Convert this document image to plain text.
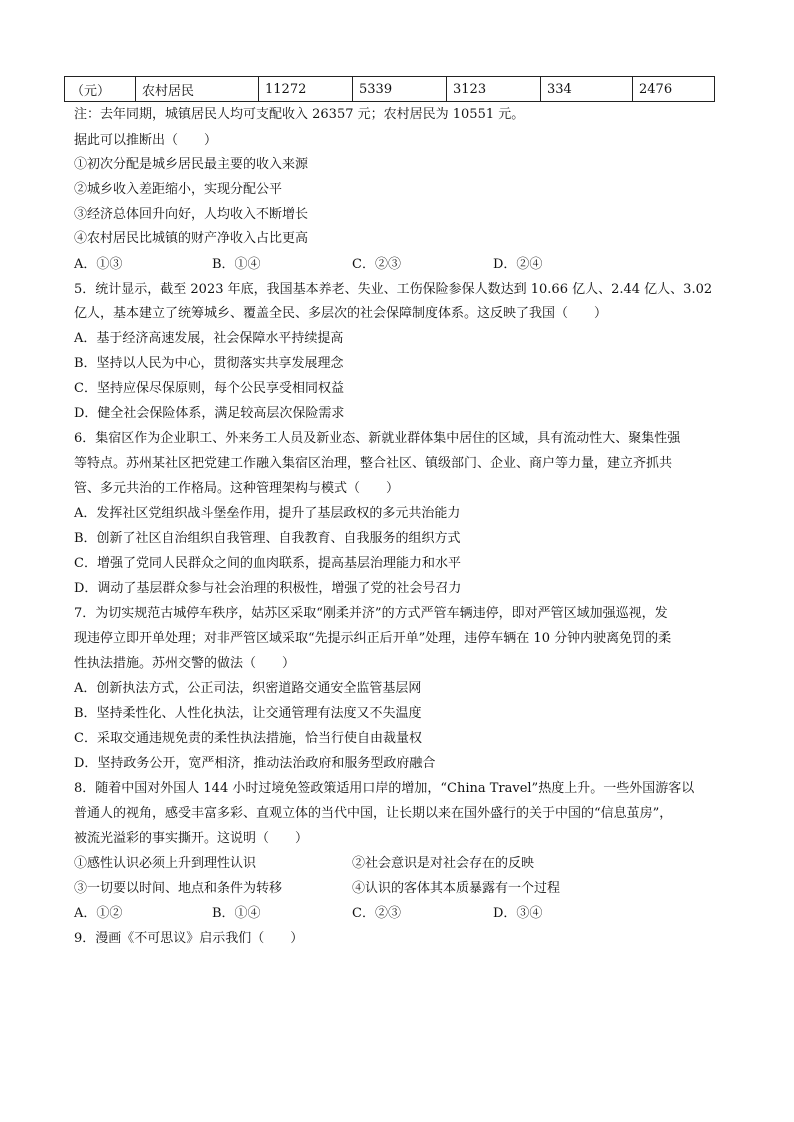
（元）	农村居民	11272	5339	3123	334	2476
注：去年同期，城镇居民人均可支配收入 26357 元；农村居民为 10551 元。
据此可以推断出（　　）
①初次分配是城乡居民最主要的收入来源
②城乡收入差距缩小，实现分配公平
③经济总体回升向好，人均收入不断增长
④农村居民比城镇的财产净收入占比更高
A．①③	B．①④	C．②③	D．②④
5．统计显示，截至 2023 年底，我国基本养老、失业、工伤保险参保人数达到 10.66 亿人、2.44 亿人、3.02
亿人，基本建立了统筹城乡、覆盖全民、多层次的社会保障制度体系。这反映了我国（　　）
A．基于经济高速发展，社会保障水平持续提高
B．坚持以人民为中心，贯彻落实共享发展理念
C．坚持应保尽保原则，每个公民享受相同权益
D．健全社会保险体系，满足较高层次保险需求
6．集宿区作为企业职工、外来务工人员及新业态、新就业群体集中居住的区域，具有流动性大、聚集性强
等特点。苏州某社区把党建工作融入集宿区治理，整合社区、镇级部门、企业、商户等力量，建立齐抓共
管、多元共治的工作格局。这种管理架构与模式（　　）
A．发挥社区党组织战斗堡垒作用，提升了基层政权的多元共治能力
B．创新了社区自治组织自我管理、自我教育、自我服务的组织方式
C．增强了党同人民群众之间的血肉联系，提高基层治理能力和水平
D．调动了基层群众参与社会治理的积极性，增强了党的社会号召力
7．为切实规范古城停车秩序，姑苏区采取“刚柔并济”的方式严管车辆违停，即对严管区域加强巡视，发
现违停立即开单处理；对非严管区域采取“先提示纠正后开单”处理，违停车辆在 10 分钟内驶离免罚的柔
性执法措施。苏州交警的做法（　　）
A．创新执法方式，公正司法，织密道路交通安全监管基层网
B．坚持柔性化、人性化执法，让交通管理有法度又不失温度
C．采取交通违规免责的柔性执法措施，恰当行使自由裁量权
D．坚持政务公开，宽严相济，推动法治政府和服务型政府融合
8．随着中国对外国人 144 小时过境免签政策适用口岸的增加，“China Travel”热度上升。一些外国游客以
普通人的视角，感受丰富多彩、直观立体的当代中国，让长期以来在国外盛行的关于中国的“信息茧房”，
被流光溢彩的事实撕开。这说明（　　）
①感性认识必须上升到理性认识	②社会意识是对社会存在的反映
③一切要以时间、地点和条件为转移	④认识的客体其本质暴露有一个过程
A．①②	B．①④	C．②③	D．③④
9．漫画《不可思议》启示我们（　　）
